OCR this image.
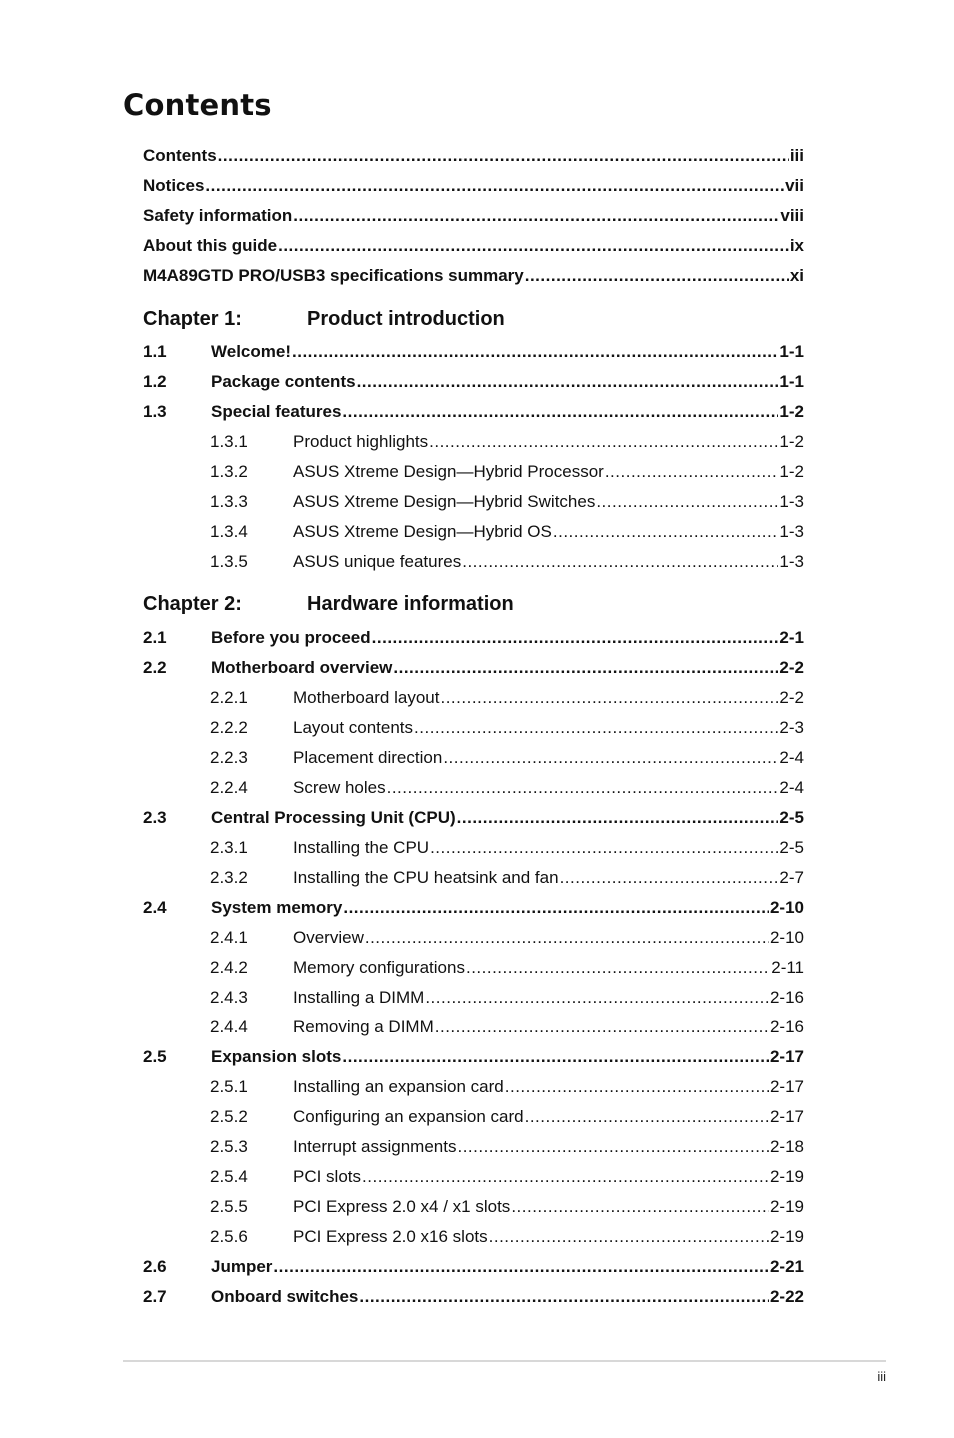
Contents
Contents .....	iii
Notices .....	vii
Safety information .....	viii
About this guide .....	ix
M4A89GTD PRO/USB3 specifications summary .....	xi
Chapter 1:	Product introduction
1.1	Welcome! .....	1-1
1.2	Package contents .....	1-1
1.3	Special features .....	1-2
1.3.1	Product highlights .....	1-2
1.3.2	ASUS Xtreme Design—Hybrid Processor .....	1-2
1.3.3	ASUS Xtreme Design—Hybrid Switches .....	1-3
1.3.4	ASUS Xtreme Design—Hybrid OS .....	1-3
1.3.5	ASUS unique features .....	1-3
Chapter 2:	Hardware information
2.1	Before you proceed .....	2-1
2.2	Motherboard overview .....	2-2
2.2.1	Motherboard layout .....	2-2
2.2.2	Layout contents .....	2-3
2.2.3	Placement direction .....	2-4
2.2.4	Screw holes .....	2-4
2.3	Central Processing Unit (CPU) .....	2-5
2.3.1	Installing the CPU .....	2-5
2.3.2	Installing the CPU heatsink and fan .....	2-7
2.4	System memory .....	2-10
2.4.1	Overview .....	2-10
2.4.2	Memory configurations .....	2-11
2.4.3	Installing a DIMM .....	2-16
2.4.4	Removing a DIMM .....	2-16
2.5	Expansion slots .....	2-17
2.5.1	Installing an expansion card .....	2-17
2.5.2	Configuring an expansion card .....	2-17
2.5.3	Interrupt assignments .....	2-18
2.5.4	PCI slots .....	2-19
2.5.5	PCI Express 2.0 x4 / x1 slots .....	2-19
2.5.6	PCI Express 2.0 x16 slots .....	2-19
2.6	Jumper .....	2-21
2.7	Onboard switches .....	2-22
iii
